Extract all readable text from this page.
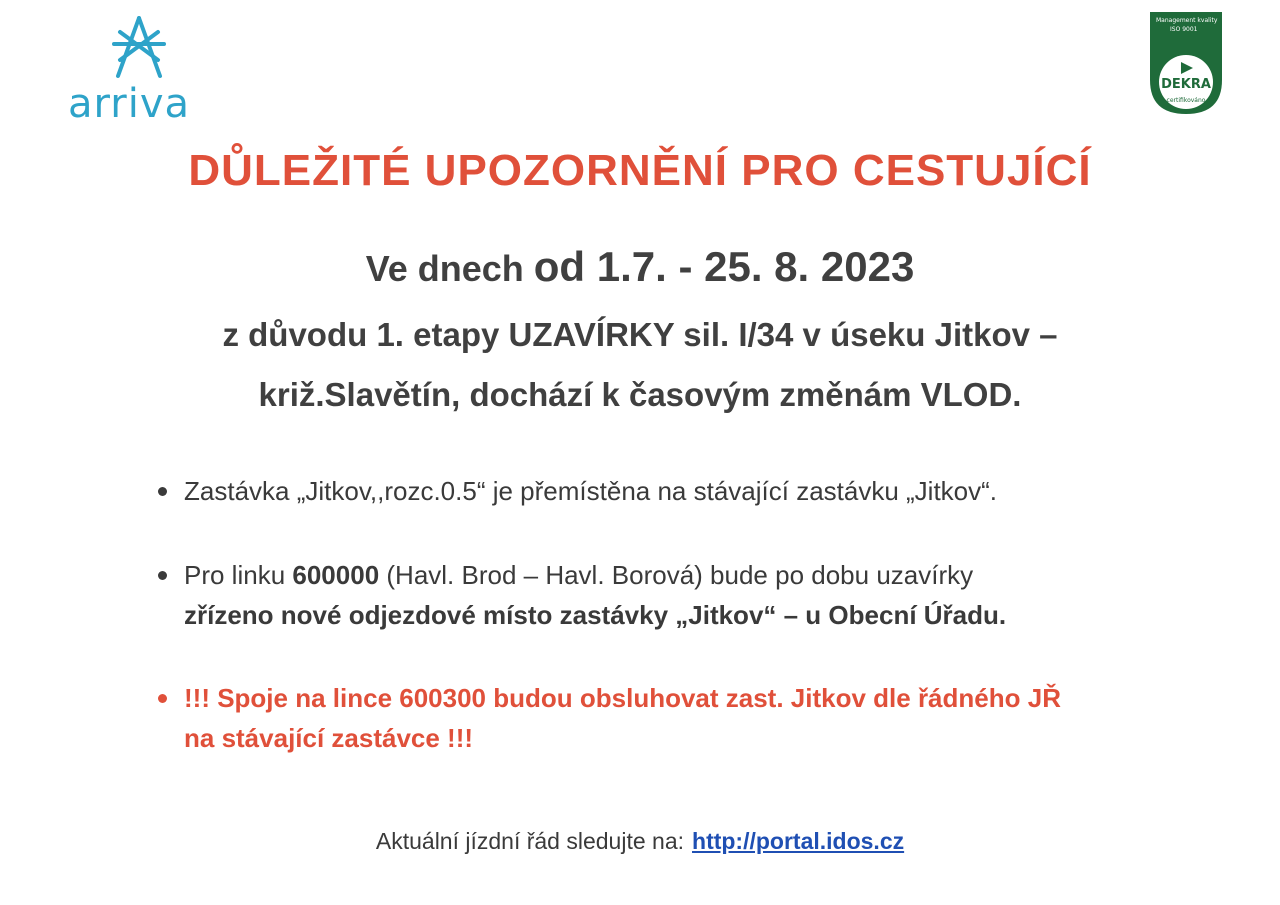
arriva
Management kvality
ISO 9001
DEKRA
certifikováno
DŮLEŽITÉ UPOZORNĚNÍ PRO CESTUJÍCÍ
Ve dnech od 1.7. - 25. 8. 2023
z důvodu 1. etapy UZAVÍRKY sil. I/34 v úseku Jitkov –
križ.Slavětín, dochází k časovým změnám VLOD.
Zastávka „Jitkov,,rozc.0.5“ je přemístěna na stávající zastávku „Jitkov“.
Pro linku 600000 (Havl. Brod – Havl. Borová) bude po dobu uzavírky
zřízeno nové odjezdové místo zastávky „Jitkov“ – u Obecní Úřadu.
!!! Spoje na lince 600300 budou obsluhovat zast. Jitkov dle řádného JŘ
na stávající zastávce !!!
Aktuální jízdní řád sledujte na: http://portal.idos.cz
